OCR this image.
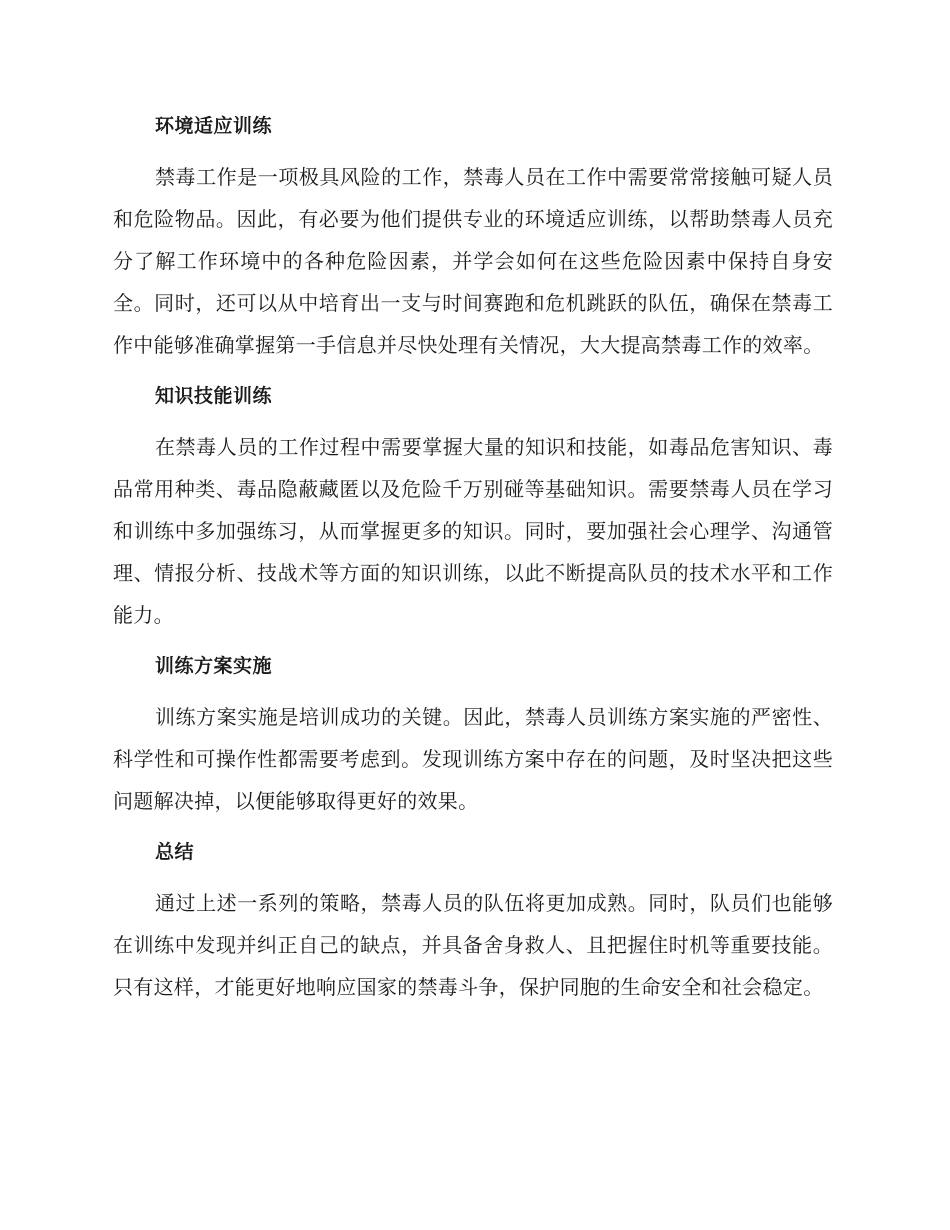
环境适应训练
禁毒工作是一项极具风险的工作，禁毒人员在工作中需要常常接触可疑人员和危险物品。因此，有必要为他们提供专业的环境适应训练，以帮助禁毒人员充分了解工作环境中的各种危险因素，并学会如何在这些危险因素中保持自身安全。同时，还可以从中培育出一支与时间赛跑和危机跳跃的队伍，确保在禁毒工作中能够准确掌握第一手信息并尽快处理有关情况，大大提高禁毒工作的效率。
知识技能训练
在禁毒人员的工作过程中需要掌握大量的知识和技能，如毒品危害知识、毒品常用种类、毒品隐蔽藏匿以及危险千万别碰等基础知识。需要禁毒人员在学习和训练中多加强练习，从而掌握更多的知识。同时，要加强社会心理学、沟通管理、情报分析、技战术等方面的知识训练，以此不断提高队员的技术水平和工作能力。
训练方案实施
训练方案实施是培训成功的关键。因此，禁毒人员训练方案实施的严密性、科学性和可操作性都需要考虑到。发现训练方案中存在的问题，及时坚决把这些问题解决掉，以便能够取得更好的效果。
总结
通过上述一系列的策略，禁毒人员的队伍将更加成熟。同时，队员们也能够在训练中发现并纠正自己的缺点，并具备舍身救人、且把握住时机等重要技能。只有这样，才能更好地响应国家的禁毒斗争，保护同胞的生命安全和社会稳定。
